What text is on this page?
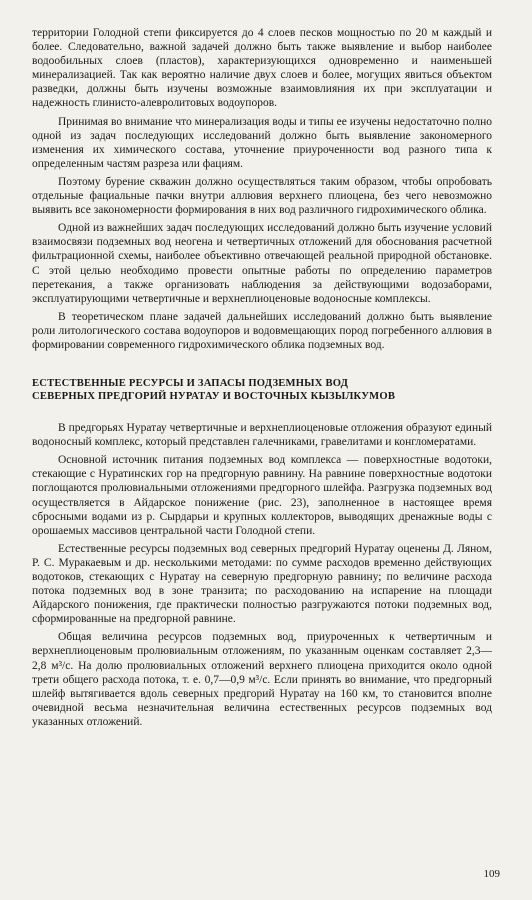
территории Голодной степи фиксируется до 4 слоев песков мощностью по 20 м каждый и более. Следовательно, важной задачей должно быть также выявление и выбор наиболее водообильных слоев (пластов), характеризующихся одновременно и наименьшей минерализацией. Так как вероятно наличие двух слоев и более, могущих явиться объектом разведки, должны быть изучены возможные взаимовлияния их при эксплуатации и надежность глинисто-алевролитовых водоупоров.

Принимая во внимание что минерализация воды и типы ее изучены недостаточно полно одной из задач последующих исследований должно быть выявление закономерного изменения их химического состава, уточнение приуроченности вод разного типа к определенным частям разреза или фациям.

Поэтому бурение скважин должно осуществляться таким образом, чтобы опробовать отдельные фациальные пачки внутри аллювия верхнего плиоцена, без чего невозможно выявить все закономерности формирования в них вод различного гидрохимического облика.

Одной из важнейших задач последующих исследований должно быть изучение условий взаимосвязи подземных вод неогена и четвертичных отложений для обоснования расчетной фильтрационной схемы, наиболее объективно отвечающей реальной природной обстановке. С этой целью необходимо провести опытные работы по определению параметров перетекания, а также организовать наблюдения за действующими водозаборами, эксплуатирующими четвертичные и верхнеплиоценовые водоносные комплексы.

В теоретическом плане задачей дальнейших исследований должно быть выявление роли литологического состава водоупоров и водовмещающих пород погребенного аллювия в формировании современного гидрохимического облика подземных вод.

ЕСТЕСТВЕННЫЕ РЕСУРСЫ И ЗАПАСЫ ПОДЗЕМНЫХ ВОД
СЕВЕРНЫХ ПРЕДГОРИЙ НУРАТАУ И ВОСТОЧНЫХ КЫЗЫЛКУМОВ

В предгорьях Нуратау четвертичные и верхнеплиоценовые отложения образуют единый водоносный комплекс, который представлен галечниками, гравелитами и конгломератами.

Основной источник питания подземных вод комплекса — поверхностные водотоки, стекающие с Нуратинских гор на предгорную равнину. На равнине поверхностные водотоки поглощаются пролювиальными отложениями предгорного шлейфа. Разгрузка подземных вод осуществляется в Айдарское понижение (рис. 23), заполненное в настоящее время сбросными водами из р. Сырдарьи и крупных коллекторов, выводящих дренажные воды с орошаемых массивов центральной части Голодной степи.

Естественные ресурсы подземных вод северных предгорий Нуратау оценены Д. Ляном, Р. С. Муракаевым и др. несколькими методами: по сумме расходов временно действующих водотоков, стекающих с Нуратау на северную предгорную равнину; по величине расхода потока подземных вод в зоне транзита; по расходованию на испарение на площади Айдарского понижения, где практически полностью разгружаются потоки подземных вод, сформированные на предгорной равнине.

Общая величина ресурсов подземных вод, приуроченных к четвертичным и верхнеплиоценовым пролювиальным отложениям, по указанным оценкам составляет 2,3—2,8 м³/с. На долю пролювиальных отложений верхнего плиоцена приходится около одной трети общего расхода потока, т. е. 0,7—0,9 м³/с. Если принять во внимание, что предгорный шлейф вытягивается вдоль северных предгорий Нуратау на 160 км, то становится вполне очевидной весьма незначительная величина естественных ресурсов подземных вод указанных отложений.

109
